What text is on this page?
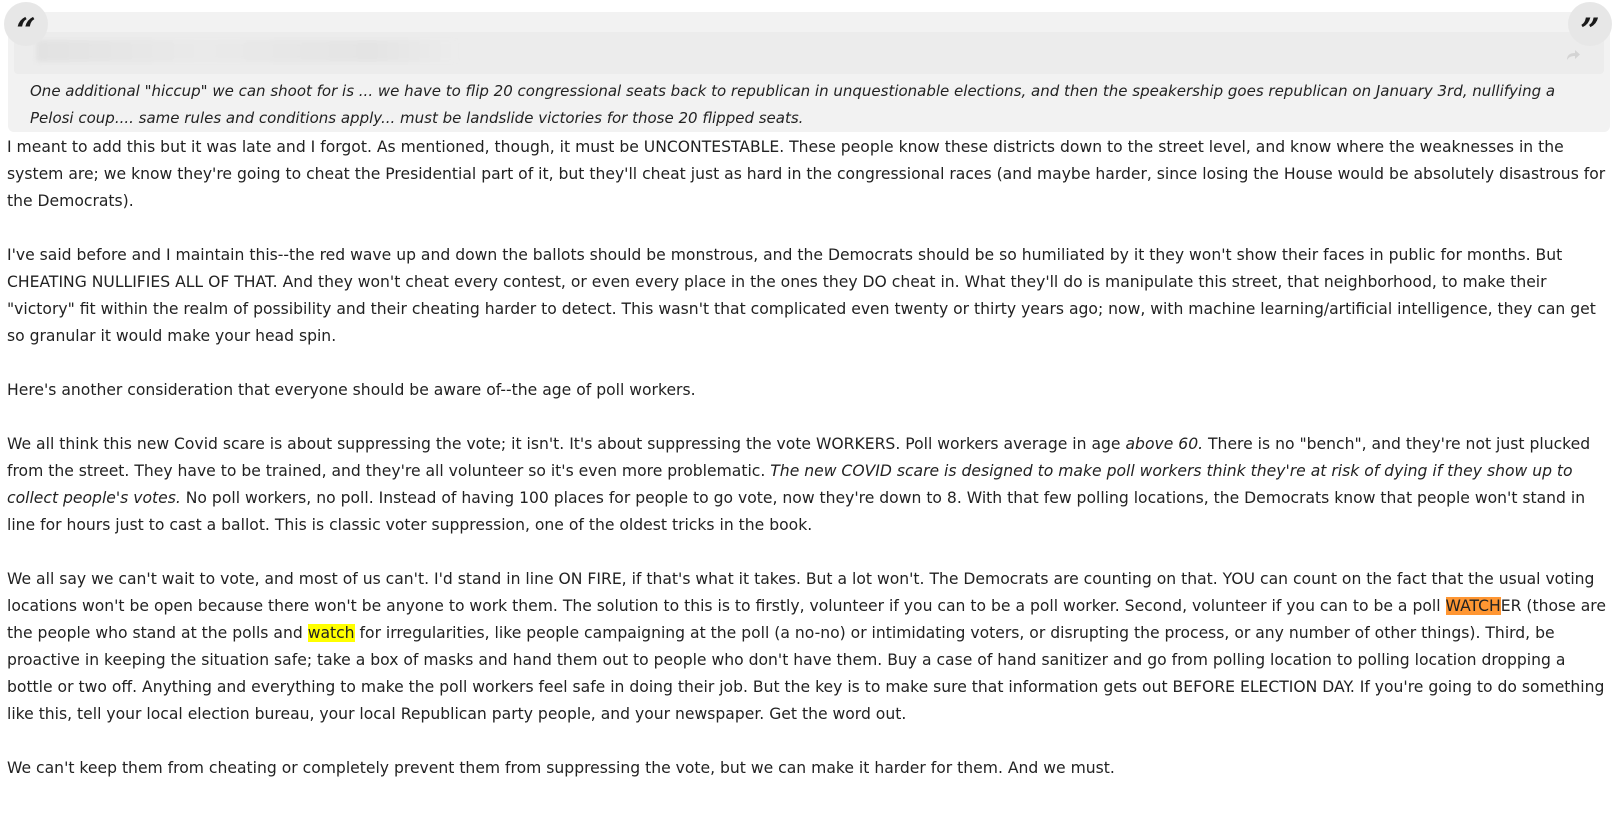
One additional "hiccup" we can shoot for is ... we have to flip 20 congressional seats back to republican in unquestionable elections, and then the speakership goes republican on January 3rd, nullifying a Pelosi coup.... same rules and conditions apply... must be landslide victories for those 20 flipped seats.

“	”

I meant to add this but it was late and I forgot. As mentioned, though, it must be UNCONTESTABLE. These people know these districts down to the street level, and know where the weaknesses in the system are; we know they're going to cheat the Presidential part of it, but they'll cheat just as hard in the congressional races (and maybe harder, since losing the House would be absolutely disastrous for the Democrats).

I've said before and I maintain this--the red wave up and down the ballots should be monstrous, and the Democrats should be so humiliated by it they won't show their faces in public for months. But CHEATING NULLIFIES ALL OF THAT. And they won't cheat every contest, or even every place in the ones they DO cheat in. What they'll do is manipulate this street, that neighborhood, to make their "victory" fit within the realm of possibility and their cheating harder to detect. This wasn't that complicated even twenty or thirty years ago; now, with machine learning/artificial intelligence, they can get so granular it would make your head spin.

Here's another consideration that everyone should be aware of--the age of poll workers.

We all think this new Covid scare is about suppressing the vote; it isn't. It's about suppressing the vote WORKERS. Poll workers average in age above 60. There is no "bench", and they're not just plucked from the street. They have to be trained, and they're all volunteer so it's even more problematic. The new COVID scare is designed to make poll workers think they're at risk of dying if they show up to collect people's votes. No poll workers, no poll. Instead of having 100 places for people to go vote, now they're down to 8. With that few polling locations, the Democrats know that people won't stand in line for hours just to cast a ballot. This is classic voter suppression, one of the oldest tricks in the book.

We all say we can't wait to vote, and most of us can't. I'd stand in line ON FIRE, if that's what it takes. But a lot won't. The Democrats are counting on that. YOU can count on the fact that the usual voting locations won't be open because there won't be anyone to work them. The solution to this is to firstly, volunteer if you can to be a poll worker. Second, volunteer if you can to be a poll WATCHER (those are the people who stand at the polls and watch for irregularities, like people campaigning at the poll (a no-no) or intimidating voters, or disrupting the process, or any number of other things). Third, be proactive in keeping the situation safe; take a box of masks and hand them out to people who don't have them. Buy a case of hand sanitizer and go from polling location to polling location dropping a bottle or two off. Anything and everything to make the poll workers feel safe in doing their job. But the key is to make sure that information gets out BEFORE ELECTION DAY. If you're going to do something like this, tell your local election bureau, your local Republican party people, and your newspaper. Get the word out.

We can't keep them from cheating or completely prevent them from suppressing the vote, but we can make it harder for them. And we must.
